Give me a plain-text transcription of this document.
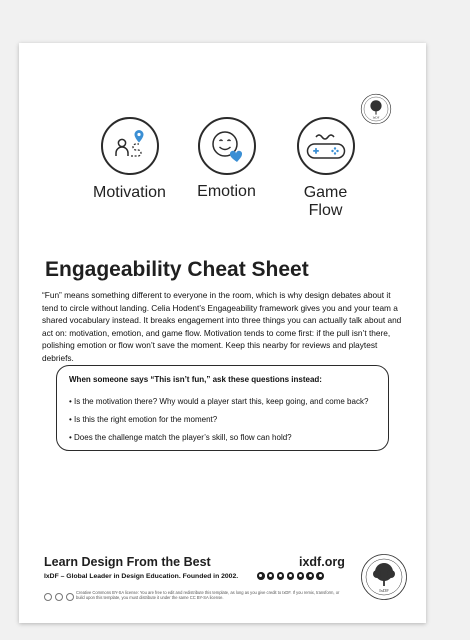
IxDF
Motivation	Emotion	Game Flow
Engageability Cheat Sheet
“Fun” means something different to everyone in the room, which is why design debates about it tend to circle without landing. Celia Hodent’s Engageability framework gives you and your team a shared vocabulary instead. It breaks engagement into three things you can actually talk about and act on: motivation, emotion, and game flow. Motivation tends to come first: if the pull isn’t there, polishing emotion or flow won’t save the moment. Keep this nearby for reviews and playtest debriefs.
When someone says “This isn’t fun,” ask these questions instead:
• Is the motivation there? Why would a player start this, keep going, and come back?
• Is this the right emotion for the moment?
• Does the challenge match the player’s skill, so flow can hold?
Learn Design From the Best
IxDF – Global Leader in Design Education. Founded in 2002.
ixdf.org
Creative Commons BY-SA license: You are free to edit and redistribute this template, as long as you give credit to IxDF. If you remix, transform, or build upon this template, you must distribute it under the same CC BY-SA license.
IxDF
